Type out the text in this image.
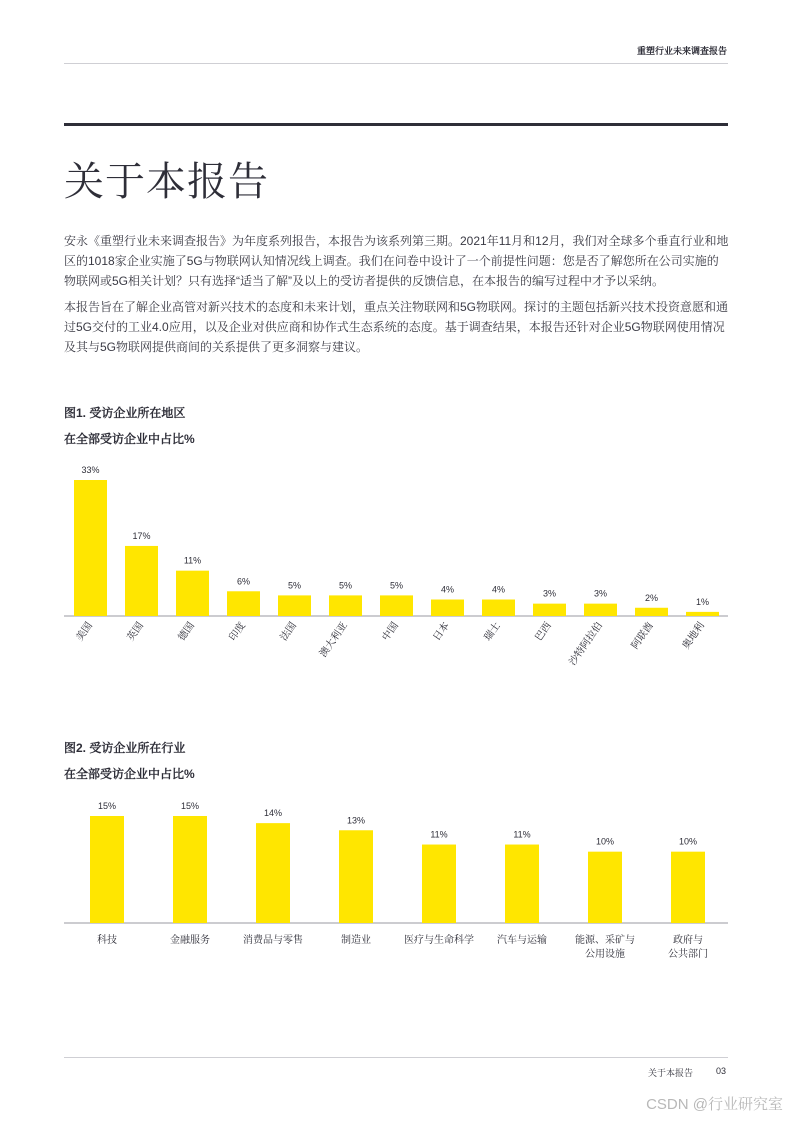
重塑行业未来调查报告
关于本报告

安永《重塑行业未来调查报告》为年度系列报告，本报告为该系列第三期。2021年11月和12月，我们对全球多个垂直行业和地区的1018家企业实施了5G与物联网认知情况线上调查。我们在问卷中设计了一个前提性问题：您是否了解您所在公司实施的物联网或5G相关计划？只有选择“适当了解”及以上的受访者提供的反馈信息，在本报告的编写过程中才予以采纳。

本报告旨在了解企业高管对新兴技术的态度和未来计划，重点关注物联网和5G物联网。探讨的主题包括新兴技术投资意愿和通过5G交付的工业4.0应用，以及企业对供应商和协作式生态系统的态度。基于调查结果，本报告还针对企业5G物联网使用情况及其与5G物联网提供商间的关系提供了更多洞察与建议。

图1. 受访企业所在地区
在全部受访企业中占比%
33%
美国
17%
英国
11%
德国
6%
印度
5%
法国
5%
澳大利亚
5%
中国
4%
日本
4%
瑞士
3%
巴西
3%
沙特阿拉伯
2%
阿联酋
1%
奥地利
图2. 受访企业所在行业
在全部受访企业中占比%
15%
科技
15%
金融服务
14%
消费品与零售
13%
制造业
11%
医疗与生命科学
11%
汽车与运输
10%
能源、采矿与公用设施
10%
政府与公共部门
关于本报告	03
CSDN @行业研究室
